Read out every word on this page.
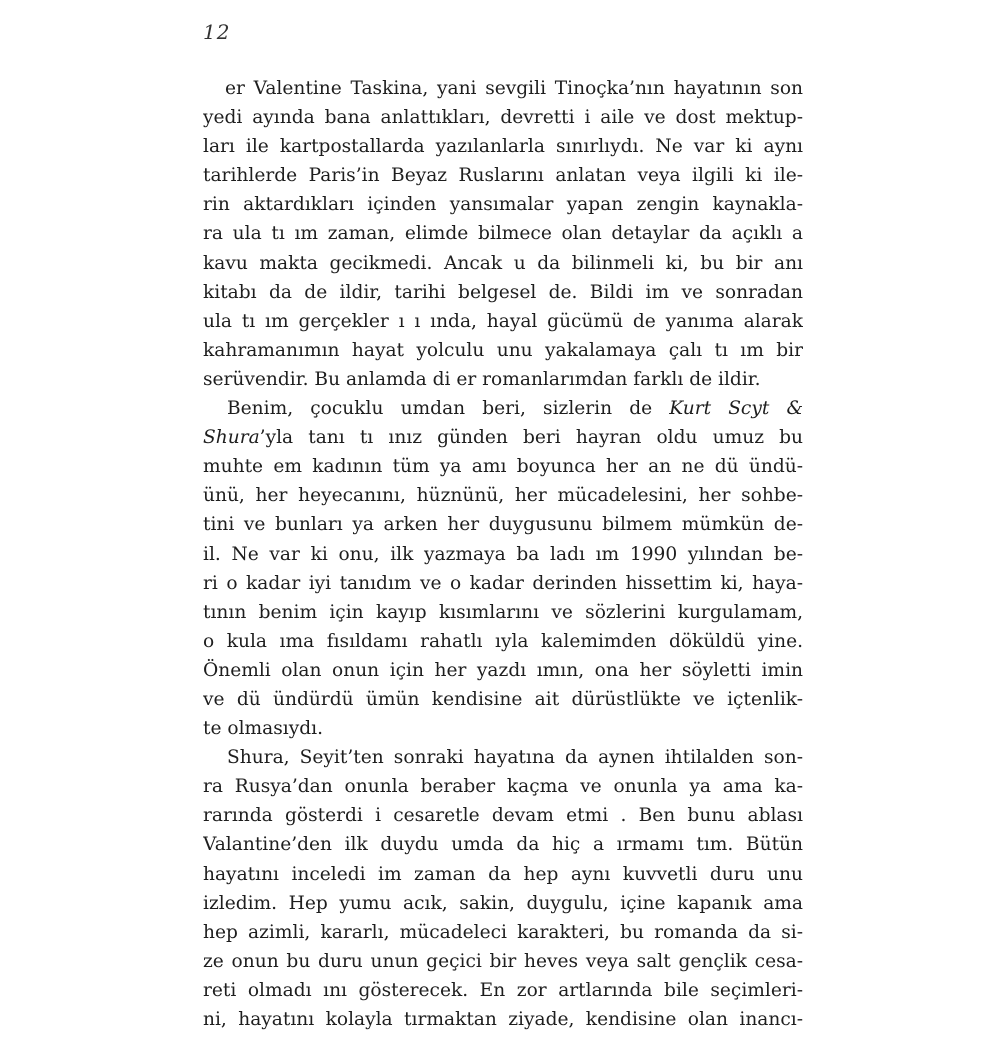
12
er Valentine Taskina, yani sevgili Tinoçka’nın hayatının son
yedi ayında bana anlattıkları, devretti i aile ve dost mektup-
ları ile kartpostallarda yazılanlarla sınırlıydı. Ne var ki aynı
tarihlerde Paris’in Beyaz Ruslarını anlatan veya ilgili ki ile-
rin aktardıkları içinden yansımalar yapan zengin kaynakla-
ra ula tı ım zaman, elimde bilmece olan detaylar da açıklı a
kavu makta gecikmedi. Ancak u da bilinmeli ki, bu bir anı
kitabı da de ildir, tarihi belgesel de. Bildi im ve sonradan
ula tı ım gerçekler ı ı ında, hayal gücümü de yanıma alarak
kahramanımın hayat yolculu unu yakalamaya çalı tı ım bir
serüvendir. Bu anlamda di er romanlarımdan farklı de ildir.
Benim, çocuklu umdan beri, sizlerin de Kurt Scyt &
Shura’yla tanı tı ınız günden beri hayran oldu umuz bu
muhte em kadının tüm ya amı boyunca her an ne dü ündü-
ünü, her heyecanını, hüznünü, her mücadelesini, her sohbe-
tini ve bunları ya arken her duygusunu bilmem mümkün de-
il. Ne var ki onu, ilk yazmaya ba ladı ım 1990 yılından be-
ri o kadar iyi tanıdım ve o kadar derinden hissettim ki, haya-
tının benim için kayıp kısımlarını ve sözlerini kurgulamam,
o kula ıma fısıldamı rahatlı ıyla kalemimden döküldü yine.
Önemli olan onun için her yazdı ımın, ona her söyletti imin
ve dü ündürdü ümün kendisine ait dürüstlükte ve içtenlik-
te olmasıydı.
Shura, Seyit’ten sonraki hayatına da aynen ihtilalden son-
ra Rusya’dan onunla beraber kaçma ve onunla ya ama ka-
rarında gösterdi i cesaretle devam etmi . Ben bunu ablası
Valantine’den ilk duydu umda da hiç a ırmamı tım. Bütün
hayatını inceledi im zaman da hep aynı kuvvetli duru unu
izledim. Hep yumu acık, sakin, duygulu, içine kapanık ama
hep azimli, kararlı, mücadeleci karakteri, bu romanda da si-
ze onun bu duru unun geçici bir heves veya salt gençlik cesa-
reti olmadı ını gösterecek. En zor artlarında bile seçimleri-
ni, hayatını kolayla tırmaktan ziyade, kendisine olan inancı-
